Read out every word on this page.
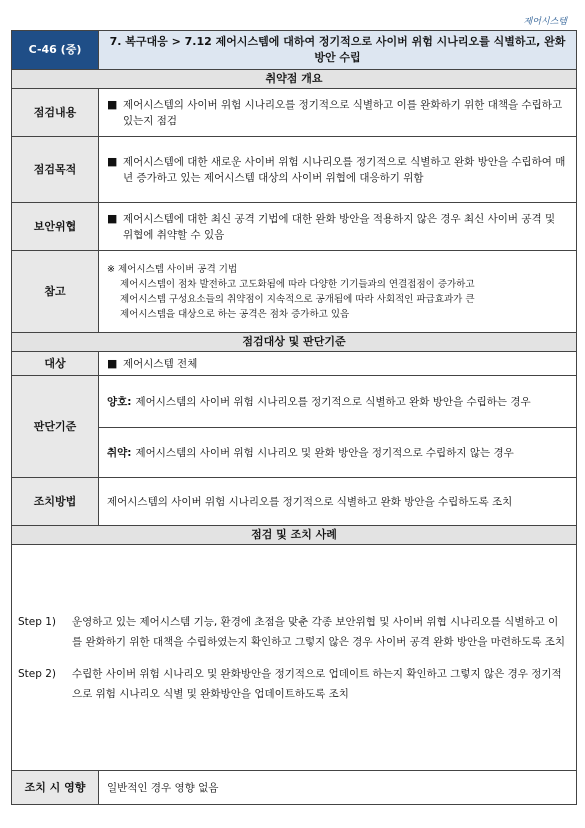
제어시스템
C-46 (중)	7. 복구대응 > 7.12 제어시스템에 대하여 정기적으로 사이버 위험 시나리오를 식별하고, 완화 방안 수립
취약점 개요	
점검내용	■ 제어시스템의 사이버 위험 시나리오를 정기적으로 식별하고 이를 완화하기 위한 대책을 수립하고 있는지 점검

점검목적	■ 제어시스템에 대한 새로운 사이버 위험 시나리오를 정기적으로 식별하고 완화 방안을 수립하여 매년 증가하고 있는 제어시스템 대상의 사이버 위협에 대응하기 위함

보안위협	■ 제어시스템에 대한 최신 공격 기법에 대한 완화 방안을 적용하지 않은 경우 최신 사이버 공격 및 위협에 취약할 수 있음

참고	※ 제어시스템 사이버 공격 기법
제어시스템이 점차 발전하고 고도화됨에 따라 다양한 기기들과의 연결접점이 증가하고
제어시스템 구성요소들의 취약점이 지속적으로 공개됨에 따라 사회적인 파급효과가 큰
제어시스템을 대상으로 하는 공격은 점차 증가하고 있음

점검대상 및 판단기준	
대상	■ 제어시스템 전체

판단기준	양호: 제어시스템의 사이버 위험 시나리오를 정기적으로 식별하고 완화 방안을 수립하는 경우

	취약: 제어시스템의 사이버 위험 시나리오 및 완화 방안을 정기적으로 수립하지 않는 경우

조치방법	제어시스템의 사이버 위험 시나리오를 정기적으로 식별하고 완화 방안을 수립하도록 조치
점검 및 조치 사례	

Step 1) 운영하고 있는 제어시스템 기능, 환경에 초점을 맞춘 각종 보안위협 및 사이버 위협 시나리오를 식별하고 이를 완화하기 위한 대책을 수립하였는지 확인하고 그렇지 않은 경우 사이버 공격 완화 방안을 마련하도록 조치
Step 2) 수립한 사이버 위험 시나리오 및 완화방안을 정기적으로 업데이트 하는지 확인하고 그렇지 않은 경우 정기적으로 위험 시나리오 식별 및 완화방안을 업데이트하도록 조치	

조치 시 영향	일반적인 경우 영향 없음
